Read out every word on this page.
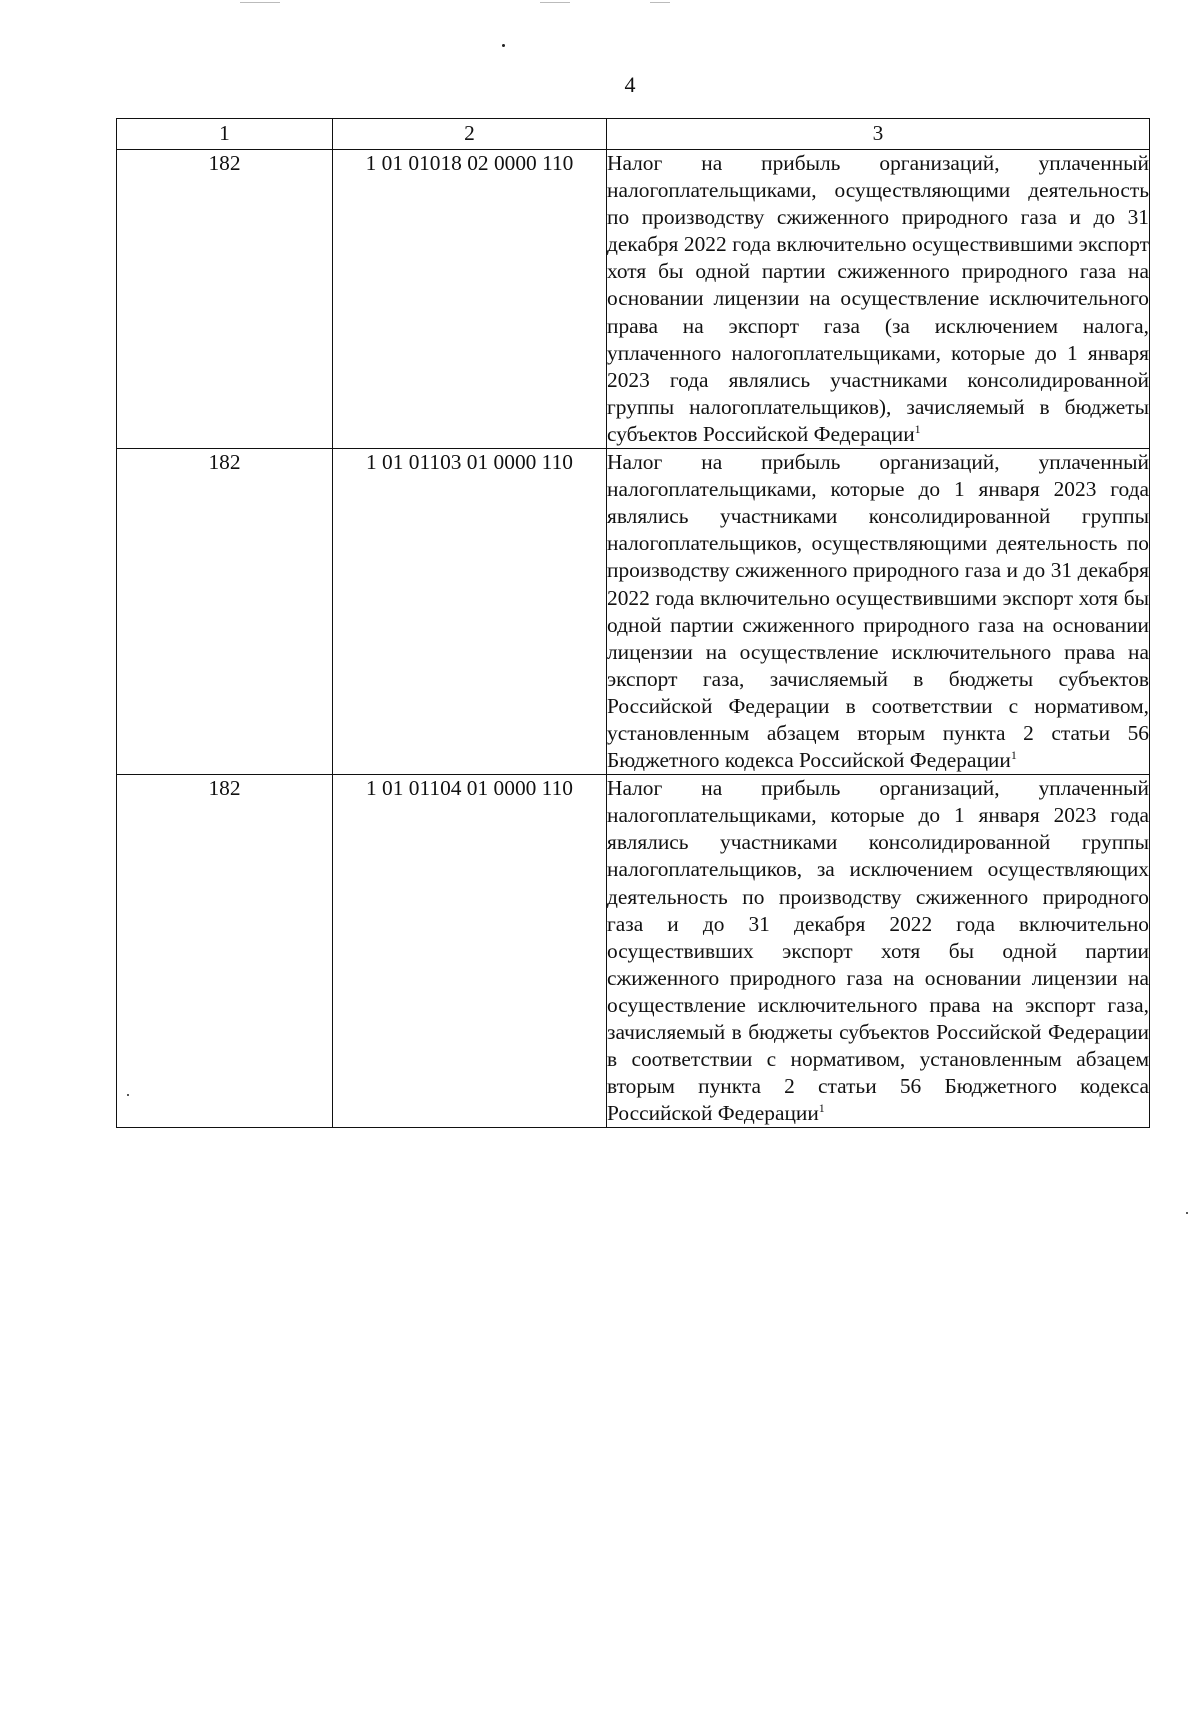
4
1	2	3
182	1 01 01018 02 0000 110	Налог на прибыль организаций, уплаченный налогоплательщиками, осуществляющими деятельность по производству сжиженного природного газа и до 31 декабря 2022 года включительно осуществившими экспорт хотя бы одной партии сжиженного природного газа на основании лицензии на осуществление исключительного права на экспорт газа (за исключением налога, уплаченного налогоплательщиками, которые до 1 января 2023 года являлись участниками консолидированной группы налогоплательщиков), зачисляемый в бюджеты субъектов Российской Федерации$^1$
182	1 01 01103 01 0000 110	Налог на прибыль организаций, уплаченный налогоплательщиками, которые до 1 января 2023 года являлись участниками консолидированной группы налогоплательщиков, осуществляющими деятельность по производству сжиженного природного газа и до 31 декабря 2022 года включительно осуществившими экспорт хотя бы одной партии сжиженного природного газа на основании лицензии на осуществление исключительного права на экспорт газа, зачисляемый в бюджеты субъектов Российской Федерации в соответствии с нормативом, установленным абзацем вторым пункта 2 статьи 56 Бюджетного кодекса Российской Федерации$^1$
182	1 01 01104 01 0000 110	Налог на прибыль организаций, уплаченный налогоплательщиками, которые до 1 января 2023 года являлись участниками консолидированной группы налогоплательщиков, за исключением осуществляющих деятельность по производству сжиженного природного газа и до 31 декабря 2022 года включительно осуществивших экспорт хотя бы одной партии сжиженного природного газа на основании лицензии на осуществление исключительного права на экспорт газа, зачисляемый в бюджеты субъектов Российской Федерации в соответствии с нормативом, установленным абзацем вторым пункта 2 статьи 56 Бюджетного кодекса Российской Федерации$^1$
